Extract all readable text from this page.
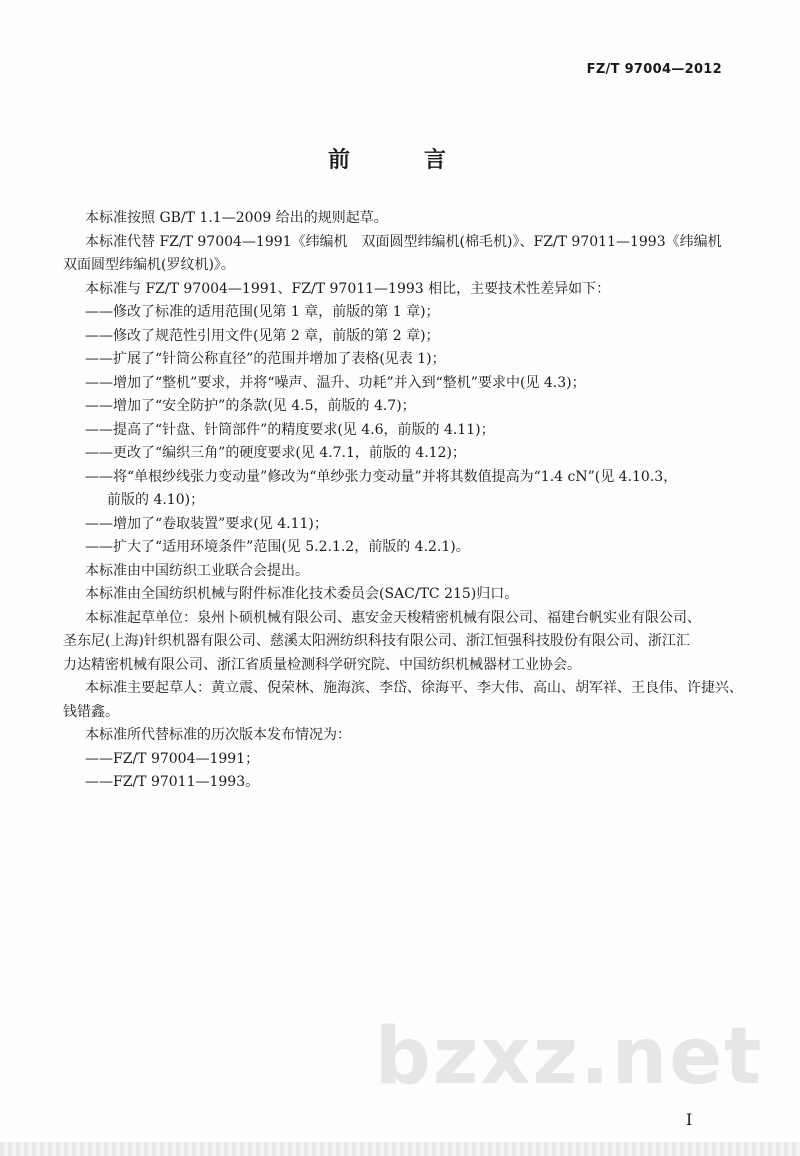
FZ/T 97004—2012
前　言

本标准按照 GB/T 1.1—2009 给出的规则起草。

本标准代替 FZ/T 97004—1991《纬编机　双面圆型纬编机(棉毛机)》、FZ/T 97011—1993《纬编机

双面圆型纬编机(罗纹机)》。

本标准与 FZ/T 97004—1991、FZ/T 97011—1993 相比，主要技术性差异如下：

——修改了标准的适用范围(见第 1 章，前版的第 1 章)；

——修改了规范性引用文件(见第 2 章，前版的第 2 章)；

——扩展了“针筒公称直径”的范围并增加了表格(见表 1)；

——增加了“整机”要求，并将“噪声、温升、功耗”并入到“整机”要求中(见 4.3)；

——增加了“安全防护”的条款(见 4.5，前版的 4.7)；

——提高了“针盘、针筒部件”的精度要求(见 4.6，前版的 4.11)；

——更改了“编织三角”的硬度要求(见 4.7.1，前版的 4.12)；

——将“单根纱线张力变动量”修改为“单纱张力变动量”并将其数值提高为“1.4 cN”(见 4.10.3，

前版的 4.10)；

——增加了“卷取装置”要求(见 4.11)；

——扩大了“适用环境条件”范围(见 5.2.1.2，前版的 4.2.1)。

本标准由中国纺织工业联合会提出。

本标准由全国纺织机械与附件标准化技术委员会(SAC/TC 215)归口。

本标准起草单位：泉州卜硕机械有限公司、惠安金天梭精密机械有限公司、福建台帆实业有限公司、

圣东尼(上海)针织机器有限公司、慈溪太阳洲纺织科技有限公司、浙江恒强科技股份有限公司、浙江汇

力达精密机械有限公司、浙江省质量检测科学研究院、中国纺织机械器材工业协会。

本标准主要起草人：黄立震、倪荣林、施海滨、李岱、徐海平、李大伟、高山、胡军祥、王良伟、许捷兴、

钱错鑫。

本标准所代替标准的历次版本发布情况为：

——FZ/T 97004—1991；

——FZ/T 97011—1993。

bzxz.net
I
